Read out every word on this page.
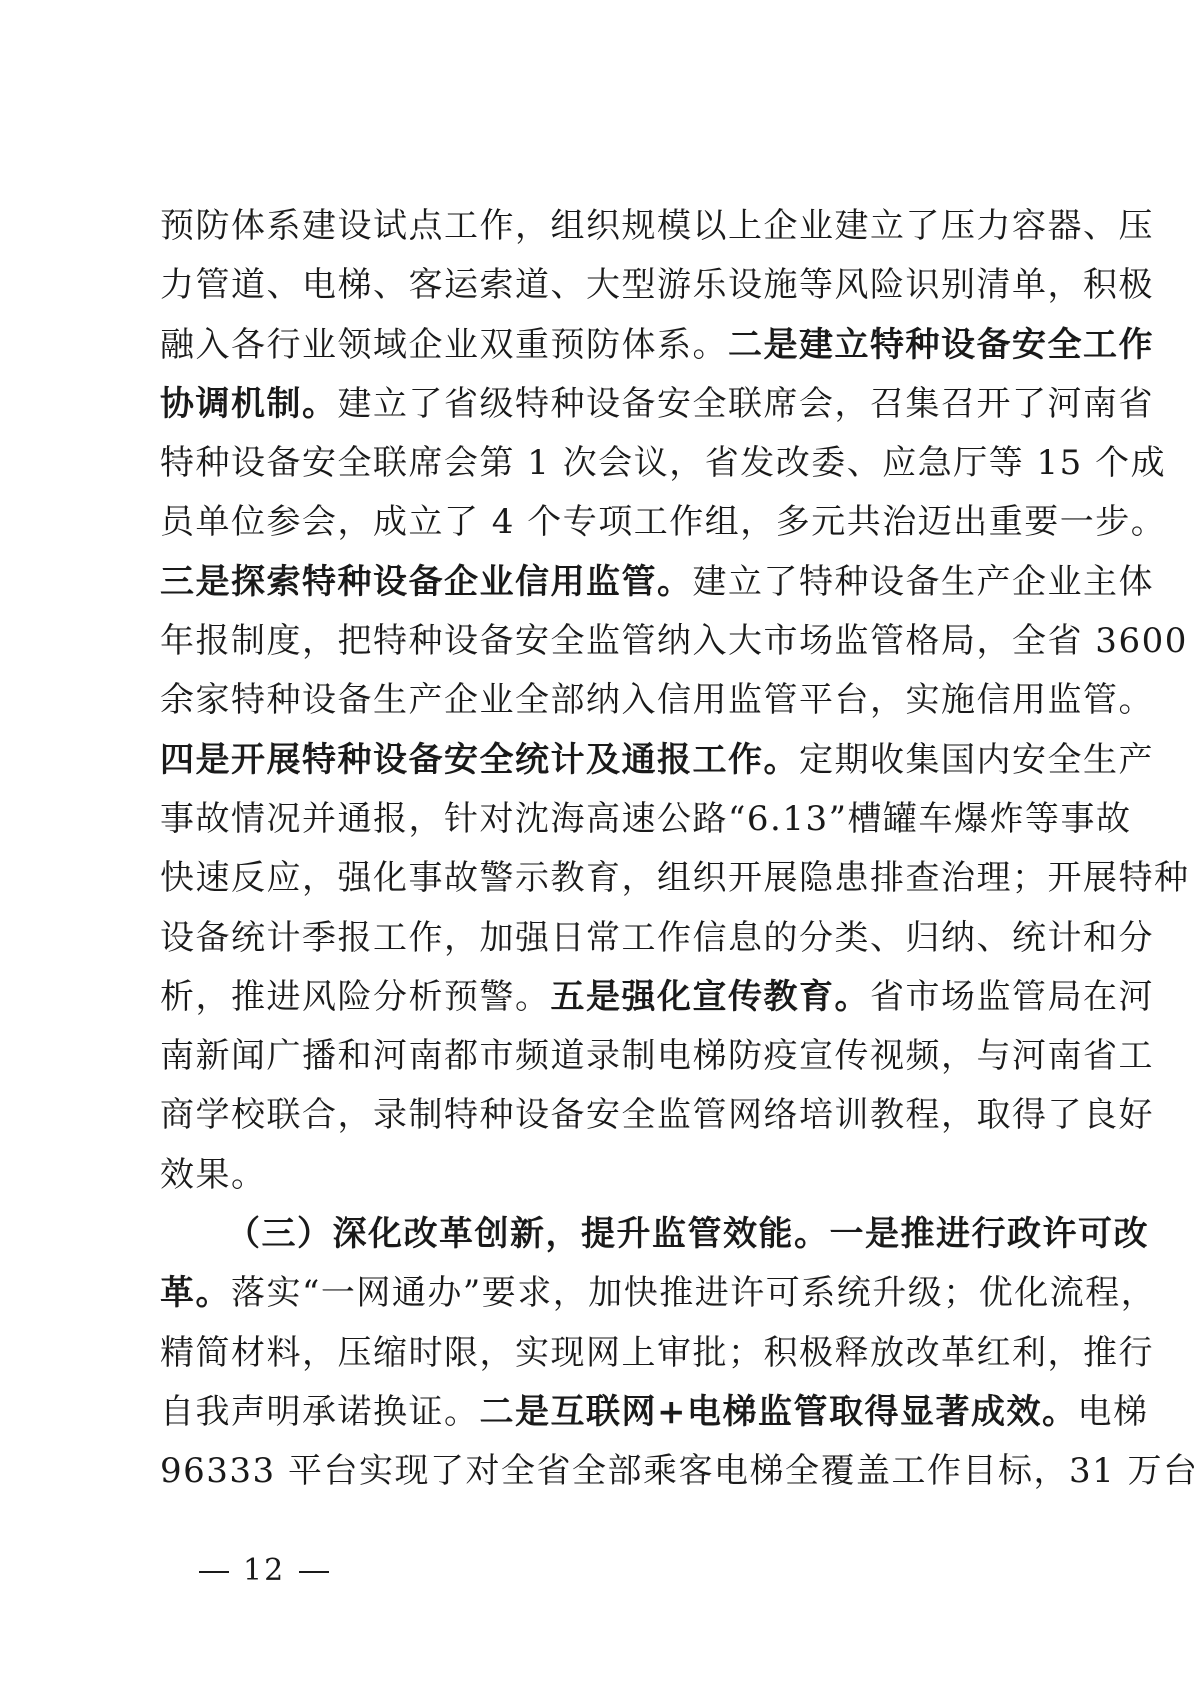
预防体系建设试点工作，组织规模以上企业建立了压力容器、压
力管道、电梯、客运索道、大型游乐设施等风险识别清单，积极
融入各行业领域企业双重预防体系。二是建立特种设备安全工作
协调机制。建立了省级特种设备安全联席会，召集召开了河南省
特种设备安全联席会第 1 次会议，省发改委、应急厅等 15 个成
员单位参会，成立了 4 个专项工作组，多元共治迈出重要一步。
三是探索特种设备企业信用监管。建立了特种设备生产企业主体
年报制度，把特种设备安全监管纳入大市场监管格局，全省 3600
余家特种设备生产企业全部纳入信用监管平台，实施信用监管。
四是开展特种设备安全统计及通报工作。定期收集国内安全生产
事故情况并通报，针对沈海高速公路“6.13”槽罐车爆炸等事故
快速反应，强化事故警示教育，组织开展隐患排查治理；开展特种
设备统计季报工作，加强日常工作信息的分类、归纳、统计和分
析，推进风险分析预警。五是强化宣传教育。省市场监管局在河
南新闻广播和河南都市频道录制电梯防疫宣传视频，与河南省工
商学校联合，录制特种设备安全监管网络培训教程，取得了良好
效果。
（三）深化改革创新，提升监管效能。一是推进行政许可改
革。落实“一网通办”要求，加快推进许可系统升级；优化流程，
精简材料，压缩时限，实现网上审批；积极释放改革红利，推行
自我声明承诺换证。二是互联网+电梯监管取得显著成效。电梯
96333 平台实现了对全省全部乘客电梯全覆盖工作目标，31 万台
12
